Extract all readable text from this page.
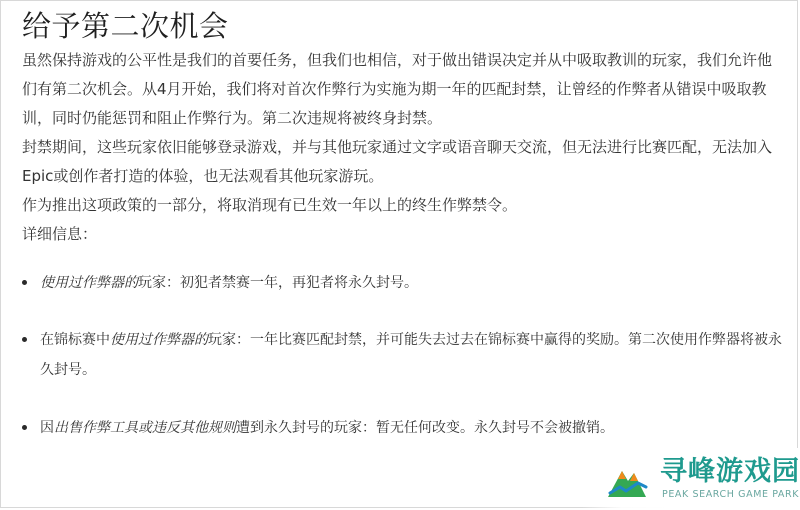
给予第二次机会

虽然保持游戏的公平性是我们的首要任务，但我们也相信，对于做出错误决定并从中吸取教训的玩家，我们允许他们有第二次机会。从4月开始，我们将对首次作弊行为实施为期一年的匹配封禁，让曾经的作弊者从错误中吸取教训，同时仍能惩罚和阻止作弊行为。第二次违规将被终身封禁。

封禁期间，这些玩家依旧能够登录游戏，并与其他玩家通过文字或语音聊天交流，但无法进行比赛匹配，无法加入Epic或创作者打造的体验，也无法观看其他玩家游玩。

作为推出这项政策的一部分，将取消现有已生效一年以上的终生作弊禁令。

详细信息：

使用过作弊器的玩家：初犯者禁赛一年，再犯者将永久封号。
在锦标赛中使用过作弊器的玩家：一年比赛匹配封禁，并可能失去过去在锦标赛中赢得的奖励。第二次使用作弊器将被永久封号。
因出售作弊工具或违反其他规则遭到永久封号的玩家：暂无任何改变。永久封号不会被撤销。
寻峰游戏园
PEAK SEARCH GAME PARK
